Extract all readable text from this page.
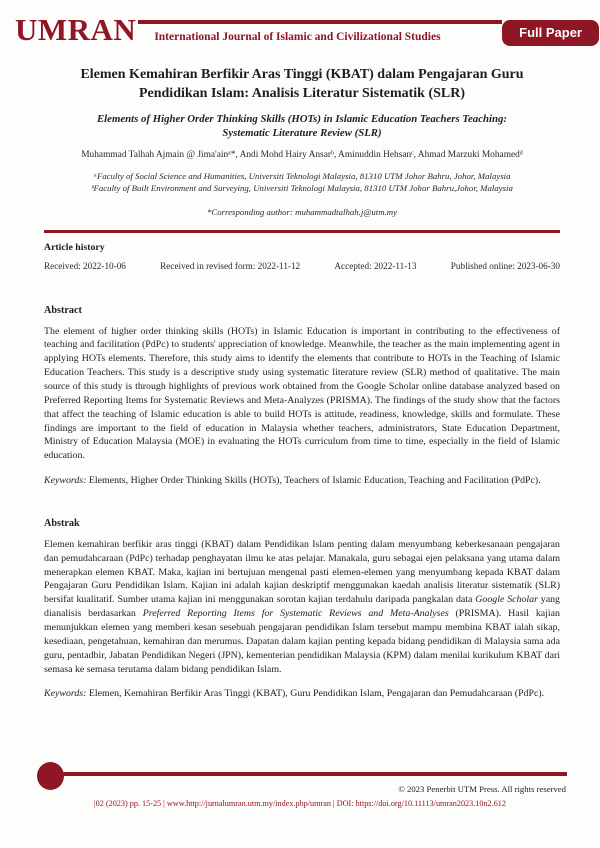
UMRAN	International Journal of Islamic and Civilizational Studies	Full Paper
Elemen Kemahiran Berfikir Aras Tinggi (KBAT) dalam Pengajaran Guru Pendidikan Islam: Analisis Literatur Sistematik (SLR)
Elements of Higher Order Thinking Skills (HOTs) in Islamic Education Teachers Teaching: Systematic Literature Review (SLR)
Muhammad Talhah Ajmain @ Jima'ainᵃ*, Andi Mohd Hairy Ansarᵇ, Aminuddin Hehsanᶜ, Ahmad Marzuki Mohamedᵈ
ᵃFaculty of Social Science and Humanities, Universiti Teknologi Malaysia, 81310 UTM Johor Bahru, Johor, Malaysia
ᵇFaculty of Built Environment and Surveying, Universiti Teknologi Malaysia, 81310 UTM Johor Bahru,Johor, Malaysia
*Corresponding author: muhammadtalhah.j@utm.my
Article history
Received: 2022-10-06	Received in revised form: 2022-11-12	Accepted: 2022-11-13	Published online: 2023-06-30
Abstract
The element of higher order thinking skills (HOTs) in Islamic Education is important in contributing to the effectiveness of teaching and facilitation (PdPc) to students' appreciation of knowledge. Meanwhile, the teacher as the main implementing agent in applying HOTs elements. Therefore, this study aims to identify the elements that contribute to HOTs in the Teaching of Islamic Education Teachers. This study is a descriptive study using systematic literature review (SLR) method of qualitative. The main source of this study is through highlights of previous work obtained from the Google Scholar online database analyzed based on Preferred Reporting Items for Systematic Reviews and Meta-Analyzes (PRISMA). The findings of the study show that the factors that affect the teaching of Islamic education is able to build HOTs is attitude, readiness, knowledge, skills and formulate. These findings are important to the field of education in Malaysia whether teachers, administrators, State Education Department, Ministry of Education Malaysia (MOE) in evaluating the HOTs curriculum from time to time, especially in the field of Islamic education.
Keywords: Elements, Higher Order Thinking Skills (HOTs), Teachers of Islamic Education, Teaching and Facilitation (PdPc).
Abstrak
Elemen kemahiran berfikir aras tinggi (KBAT) dalam Pendidikan Islam penting dalam menyumbang keberkesanaan pengajaran dan pemudahcaraan (PdPc) terhadap penghayatan ilmu ke atas pelajar. Manakala, guru sebagai ejen pelaksana yang utama dalam menerapkan elemen KBAT. Maka, kajian ini bertujuan mengenal pasti elemen-elemen yang menyumbang kepada KBAT dalam Pengajaran Guru Pendidikan Islam. Kajian ini adalah kajian deskriptif menggunakan kaedah analisis literatur sistematik (SLR) bersifat kualitatif. Sumber utama kajian ini menggunakan sorotan kajian terdahulu daripada pangkalan data Google Scholar yang dianalisis berdasarkan Preferred Reporting Items for Systematic Reviews and Meta-Analyses (PRISMA). Hasil kajian menunjukkan elemen yang memberi kesan sesebuah pengajaran pendidikan Islam tersebut mampu membina KBAT ialah sikap, kesediaan, pengetahuan, kemahiran dan merumus. Dapatan dalam kajian penting kepada bidang pendidikan di Malaysia sama ada guru, pentadbir, Jabatan Pendidikan Negeri (JPN), kementerian pendidikan Malaysia (KPM) dalam menilai kurikulum KBAT dari semasa ke semasa terutama dalam bidang pendidikan Islam.
Keywords: Elemen, Kemahiran Berfikir Aras Tinggi (KBAT), Guru Pendidikan Islam, Pengajaran dan Pemudahcaraan (PdPc).
© 2023 Penerbit UTM Press. All rights reserved
|02 (2023) pp. 15-25 | www.http://jurnalumran.utm.my/index.php/umran | DOI: https://doi.org/10.11113/umran2023.10n2.612
